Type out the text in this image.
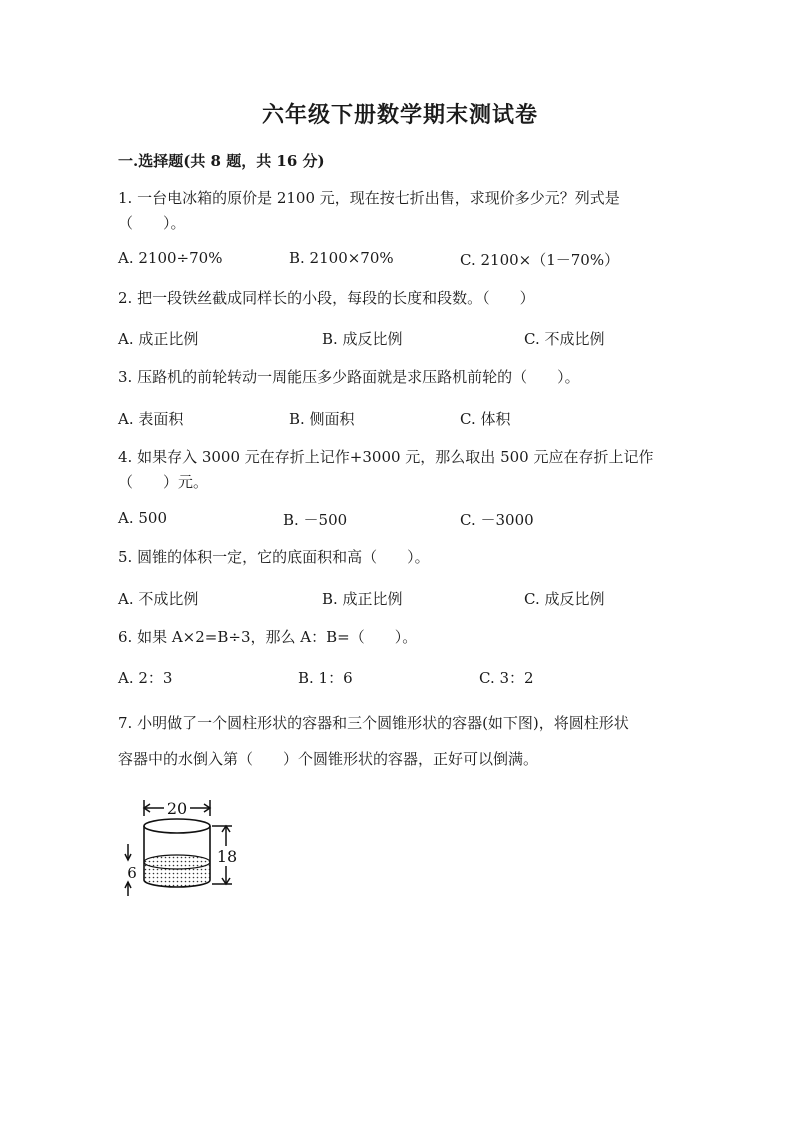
六年级下册数学期末测试卷
一.选择题(共 8 题，共 16 分)
1. 一台电冰箱的原价是 2100 元，现在按七折出售，求现价多少元？列式是
（　　）。
A. 2100÷70%	B. 2100×70%	C. 2100×（1－70%）
2. 把一段铁丝截成同样长的小段，每段的长度和段数。（　　）
A. 成正比例	B. 成反比例	C. 不成比例
3. 压路机的前轮转动一周能压多少路面就是求压路机前轮的（　　）。
A. 表面积	B. 侧面积	C. 体积
4. 如果存入 3000 元在存折上记作+3000 元，那么取出 500 元应在存折上记作
（　　）元。
A. 500	B. －500	C. －3000
5. 圆锥的体积一定，它的底面积和高（　　）。
A. 不成比例	B. 成正比例	C. 成反比例
6. 如果 A×2=B÷3，那么 A：B=（　　）。
A. 2：3	B. 1：6	C. 3：2
7. 小明做了一个圆柱形状的容器和三个圆锥形状的容器(如下图)，将圆柱形状
容器中的水倒入第（　　）个圆锥形状的容器，正好可以倒满。
20
18
6
